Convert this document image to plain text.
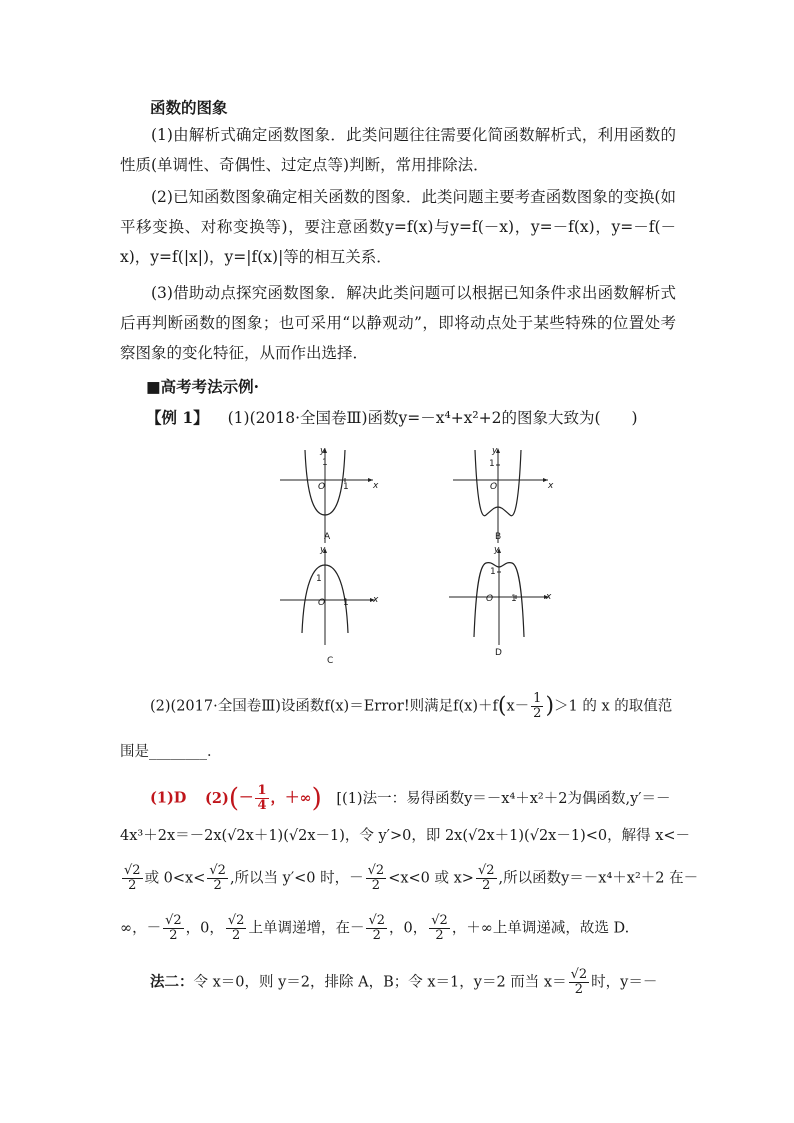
函数的图象
(1)由解析式确定函数图象．此类问题往往需要化简函数解析式，利用函数的性质(单调性、奇偶性、过定点等)判断，常用排除法．
(2)已知函数图象确定相关函数的图象．此类问题主要考查函数图象的变换(如平移变换、对称变换等)，要注意函数y=f(x)与y=f(－x)，y=－f(x)，y=－f(－x)，y=f(|x|)，y=|f(x)|等的相互关系．
(3)借助动点探究函数图象．解决此类问题可以根据已知条件求出函数解析式后再判断函数的图象；也可采用“以静观动”，即将动点处于某些特殊的位置处考察图象的变化特征，从而作出选择．
■高考考法示例·
【例 1】 (1)(2018·全国卷Ⅲ)函数y=－x⁴+x²+2的图象大致为(　　)
y
x
O 1
1
A
y
x
O
1
B
y
x
O 1
1
C
y
x
O 1
1
D
(2)(2017·全国卷Ⅲ)设函数f(x)＝Error!则满足$f(x)+f(x- \frac{1}{2} )>1$ 的 x 的取值范
围是________．
(1)D $(2)(- \frac{1}{4}$ ，＋∞) [(1)法一：易得函数y＝－x⁴＋x²＋2为偶函数,y′＝－
4x³＋2x＝－2x(√2x＋1)(√2x－1)，令 y′>0，即 2x(√2x＋1)(√2x－1)<0，解得 x<－
$\frac{√2}{2}$ 或 $0<x< \frac{√2}{2}$ ,所以当 y′<0 时，－ $\frac{√2}{2} <x<0$ 或 $x> \frac{√2}{2}$ ,所以函数y＝－x⁴＋x²＋2 在－
∞，－ $\frac{√2}{2}$ ，0， $\frac{√2}{2}$ 上单调递增，在－ $\frac{√2}{2}$ ，0， $\frac{√2}{2}$ ，＋∞上单调递减，故选 D.
法二：令 x＝0，则 y＝2，排除 A，B；令 x＝1，y＝2 而当 $x= \frac{√2}{2}$ 时，y＝－
